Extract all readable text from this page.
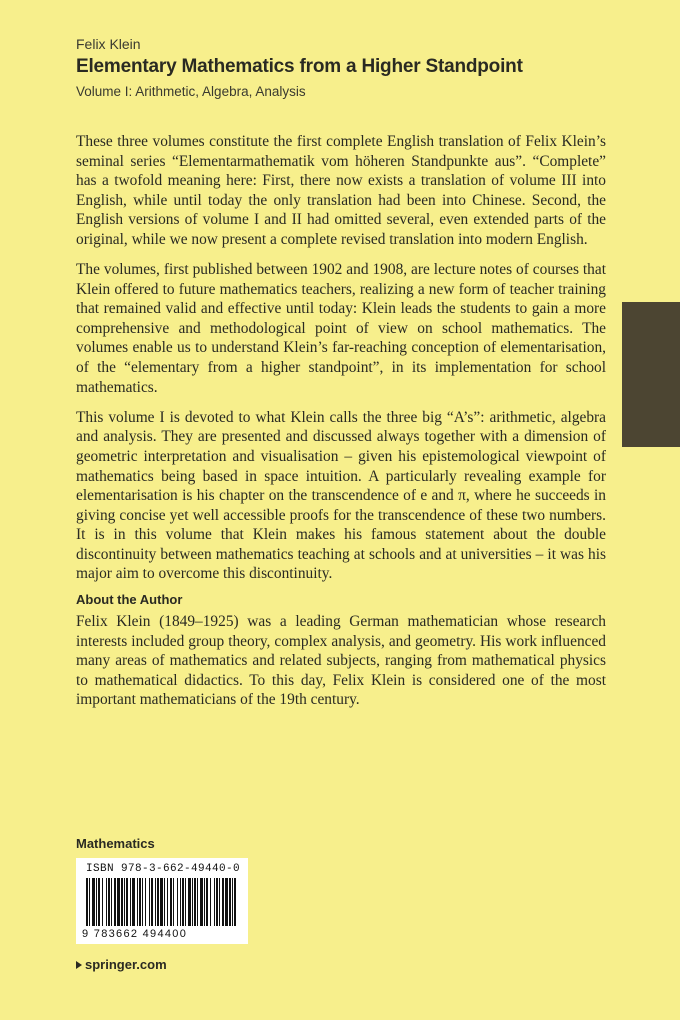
Felix Klein
Elementary Mathematics from a Higher Standpoint
Volume I: Arithmetic, Algebra, Analysis

These three volumes constitute the first complete English translation of Felix Klein’s seminal series “Elementarmathematik vom höheren Standpunkte aus”. “Complete” has a twofold meaning here: First, there now exists a translation of volume III into English, while until today the only translation had been into Chinese. Second, the English versions of volume I and II had omitted several, even extended parts of the original, while we now present a complete revised translation into modern English.

The volumes, first published between 1902 and 1908, are lecture notes of courses that Klein offered to future mathematics teachers, realizing a new form of teacher training that remained valid and effective until today: Klein leads the students to gain a more comprehensive and methodological point of view on school mathematics. The volumes enable us to understand Klein’s far-reaching conception of elementarisation, of the “elementary from a higher standpoint”, in its implementation for school mathematics.

This volume I is devoted to what Klein calls the three big “A’s”: arithmetic, algebra and analysis. They are presented and discussed always together with a dimension of geometric interpretation and visualisation – given his epistemological viewpoint of mathematics being based in space intuition. A particularly revealing example for elementarisation is his chapter on the transcendence of e and π, where he succeeds in giving concise yet well accessible proofs for the transcendence of these two numbers. It is in this volume that Klein makes his famous statement about the double discontinuity between mathematics teaching at schools and at universities – it was his major aim to overcome this discontinuity.

About the Author

Felix Klein (1849–1925) was a leading German mathematician whose research interests included group theory, complex analysis, and geometry. His work influenced many areas of mathematics and related subjects, ranging from mathematical physics to mathematical didactics. To this day, Felix Klein is considered one of the most important mathematicians of the 19th century.

Mathematics
ISBN 978-3-662-49440-0
9 783662 494400
springer.com
